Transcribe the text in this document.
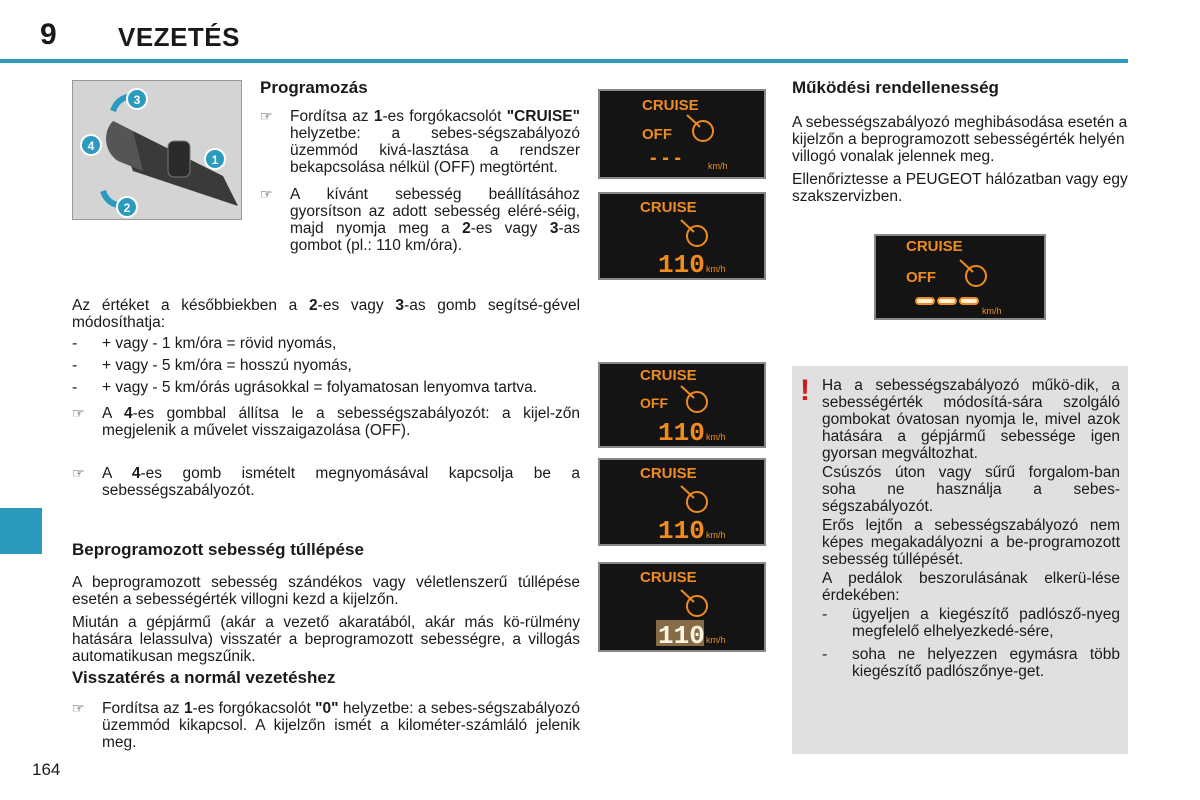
9 VEZETÉS
164
3
4
1
2
Programozás
☞	Fordítsa az 1-es forgókacsolót "CRUISE" helyzetbe: a sebes-ségszabályozó üzemmód kivá-lasztása a rendszer bekapcsolása nélkül (OFF) megtörtént.

☞	A kívánt sebesség beállításához gyorsítson az adott sebesség eléré-séig, majd nyomja meg a 2-es vagy 3-as gombot (pl.: 110 km/óra).

Az értéket a későbbiekben a 2-es vagy 3-as gomb segítsé-gével módosíthatja:

-	+ vagy - 1 km/óra = rövid nyomás,

-	+ vagy - 5 km/óra = hosszú nyomás,

-	+ vagy - 5 km/órás ugrásokkal = folyamatosan lenyomva tartva.

☞	A 4-es gombbal állítsa le a sebességszabályozót: a kijel-zőn megjelenik a művelet visszaigazolása (OFF).

☞	A 4-es gomb ismételt megnyomásával kapcsolja be a sebességszabályozót.

Beprogramozott sebesség túllépése

A beprogramozott sebesség szándékos vagy véletlenszerű túllépése esetén a sebességérték villogni kezd a kijelzőn.

Miután a gépjármű (akár a vezető akaratából, akár más kö-rülmény hatására lelassulva) visszatér a beprogramozott sebességre, a villogás automatikusan megszűnik.

Visszatérés a normál vezetéshez
☞	Fordítsa az 1-es forgókacsolót "0" helyzetbe: a sebes-ségszabályozó üzemmód kikapcsol. A kijelzőn ismét a kilométer-számláló jelenik meg.

CRUISE
OFF
- - -	km/h
CRUISE
110 km/h
CRUISE
OFF
110 km/h
CRUISE
110 km/h
CRUISE
110 km/h
Működési rendellenesség

A sebességszabályozó meghibásodása esetén a kijelzőn a beprogramozott sebességérték helyén villogó vonalak jelennek meg.

Ellenőriztesse a PEUGEOT hálózatban vagy egy szakszervizben.

CRUISE
OFF
km/h
! Ha a sebességszabályozó műkö-dik, a sebességérték módosítá-sára szolgáló gombokat óvatosan nyomja le, mivel azok hatására a gépjármű sebessége igen gyorsan megváltozhat.

Csúszós úton vagy sűrű forgalom-ban soha ne használja a sebes-ségszabályozót.

Erős lejtőn a sebességszabályozó nem képes megakadályozni a be-programozott sebesség túllépését.

A pedálok beszorulásának elkerü-lése érdekében:

-	ügyeljen a kiegészítő padlósző-nyeg megfelelő elhelyezkedé-sére,

-	soha ne helyezzen egymásra több kiegészítő padlószőnye-get.
